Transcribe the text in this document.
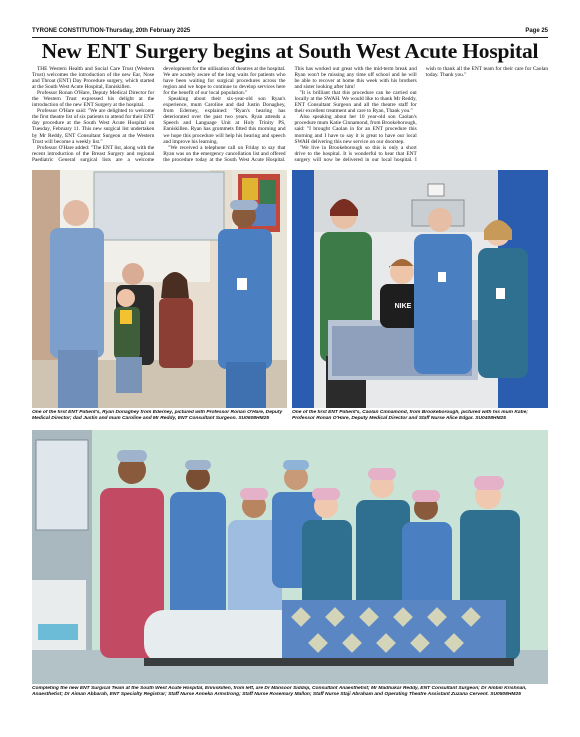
TYRONE CONSTITUTION-Thursday, 20th February 2025	Page 25
New ENT Surgery begins at South West Acute Hospital

THE Western Health and Social Care Trust (Western Trust) welcomes the introduction of the new Ear, Nose and Throat (ENT) Day Procedure surgery, which started at the South West Acute Hospital, Enniskillen.

Professor Ronan O'Hare, Deputy Medical Director for the Western Trust expressed his delight at the introduction of the new ENT Surgery at the hospital.

Professor O'Hare said: "We are delighted to welcome the first theatre list of six patients to attend for their ENT day procedure at the South West Acute Hospital on Tuesday, February 11. This new surgical list undertaken by Mr Reddy, ENT Consultant Surgeon at the Western Trust will become a weekly list."

Professor O'Hare added: "The ENT list, along with the recent introduction of the Breast Surgery and regional Paediatric General surgical lists are a welcome development for the utilisation of theatres at the hospital. We are acutely aware of the long waits for patients who have been waiting for surgical procedures across the region and we hope to continue to develop services here for the benefit of our local population."

Speaking about their six-year-old son Ryan's experience, mum Caroline and dad Justin Donaghey, from Ederney, explained: "Ryan's hearing has deteriorated over the past two years. Ryan attends a Speech and Language Unit at Holy Trinity PS, Enniskillen. Ryan has grommets fitted this morning and we hope this procedure will help his hearing and speech and improve his learning.

"We received a telephone call on Friday to say that Ryan was on the emergency cancellation list and offered the procedure today at the South West Acute Hospital. This has worked out great with the mid-term break and Ryan won't be missing any time off school and he will be able to recover at home this week with his brothers and sister looking after him!

"It is brilliant that this procedure can be carried out locally at the SWAH. We would like to thank Mr Reddy, ENT Consultant Surgeon and all the theatre staff for their excellent treatment and care to Ryan, Thank you."

Also speaking about her 10 year-old son Caolan's procedure mum Katie Cinnamond, from Brookeborough, said: "I brought Caolan in for an ENT procedure this morning and I have to say it is great to have our local SWAH delivering this new service on our doorstep.

"We live in Brookeborough so this is only a short drive to the hospital. It is wonderful to hear that ENT surgery will now be delivered in our local hospital. I wish to thank all the ENT team for their care for Caolan today. Thank you."

NIKE
One of the first ENT Patient's, Ryan Donaghey from Ederney, pictured with Professor Ronan O'Hare, Deputy Medical Director; dad Justin and mum Caroline and Mr Reddy, ENT Consultant Surgeon. SU0608HM25
One of the first ENT Patient's, Caolan Cinnamond, from Brookeborough, pictured with his mum Katie; Professor Ronan O'Hare, Deputy Medical Director and Staff Nurse Alice Edgar. SU0408HM25
Completing the new ENT Surgical Team at the South West Acute Hospital, Enniskillen, from left, are Dr Mansoor Siddiqi, Consultant Anaesthetist; Mr Madhukar Reddy, ENT Consultant Surgeon; Dr Ambili Krishnan, Anaesthetist; Dr Aiman Abbarah, ENT Specialty Registrar; Staff Nurse Anneka Armstrong; Staff Nurse Rosemary Mallon; Staff Nurse Staji Abraham and Operating Theatre Assistant Zuzana Cervent. SU0508HM25
